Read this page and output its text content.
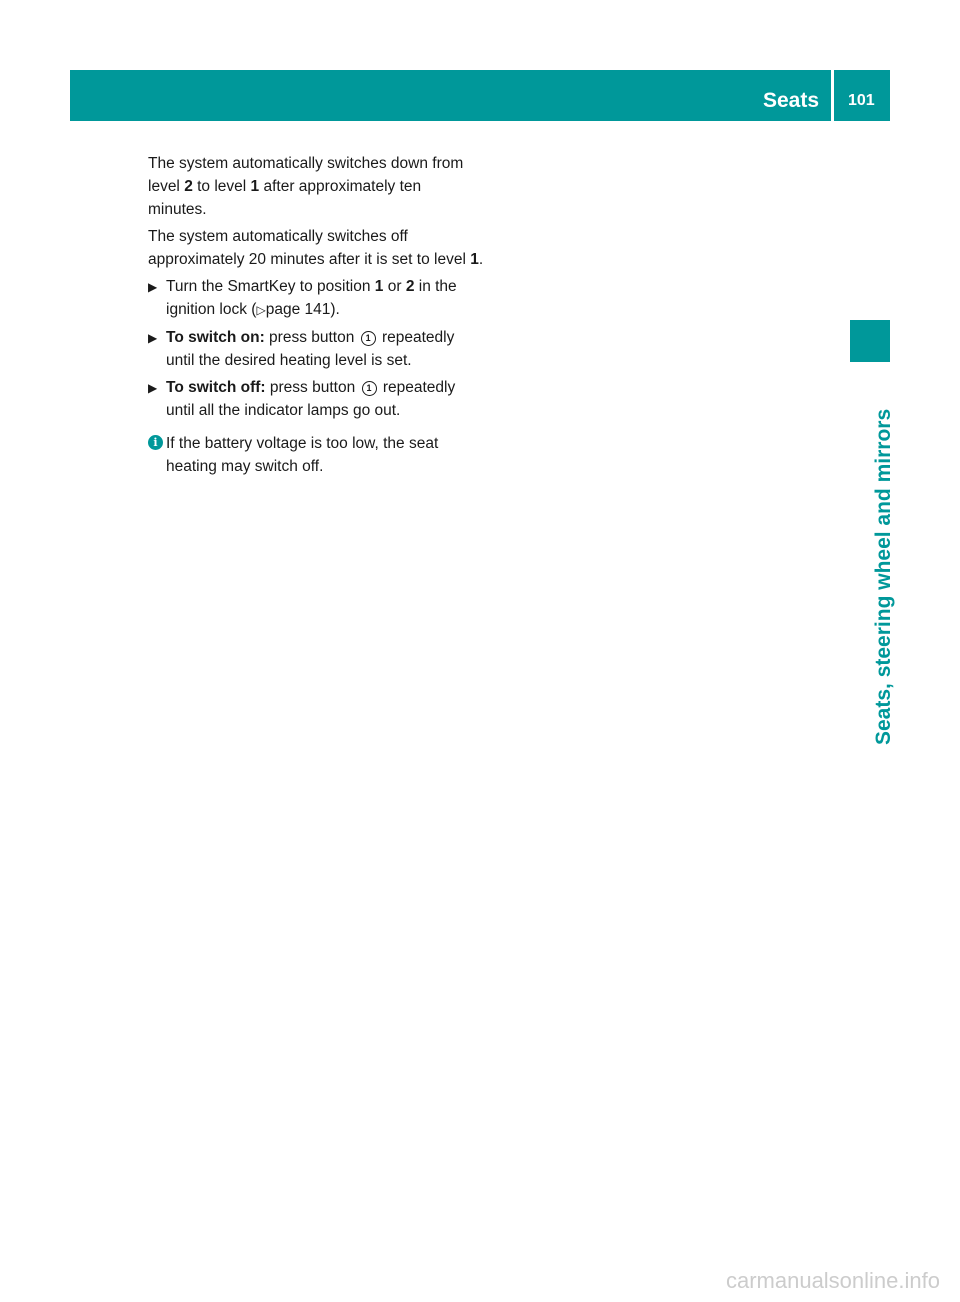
Seats 101
Seats, steering wheel and mirrors

The system automatically switches down from level 2 to level 1 after approximately ten minutes.

The system automatically switches off approximately 20 minutes after it is set to level 1.

▶ Turn the SmartKey to position 1 or 2 in the ignition lock (▷page 141).
▶ To switch on: press button 1 repeatedly until the desired heating level is set.
▶ To switch off: press button 1 repeatedly until all the indicator lamps go out.
i If the battery voltage is too low, the seat heating may switch off.
carmanualsonline.info
